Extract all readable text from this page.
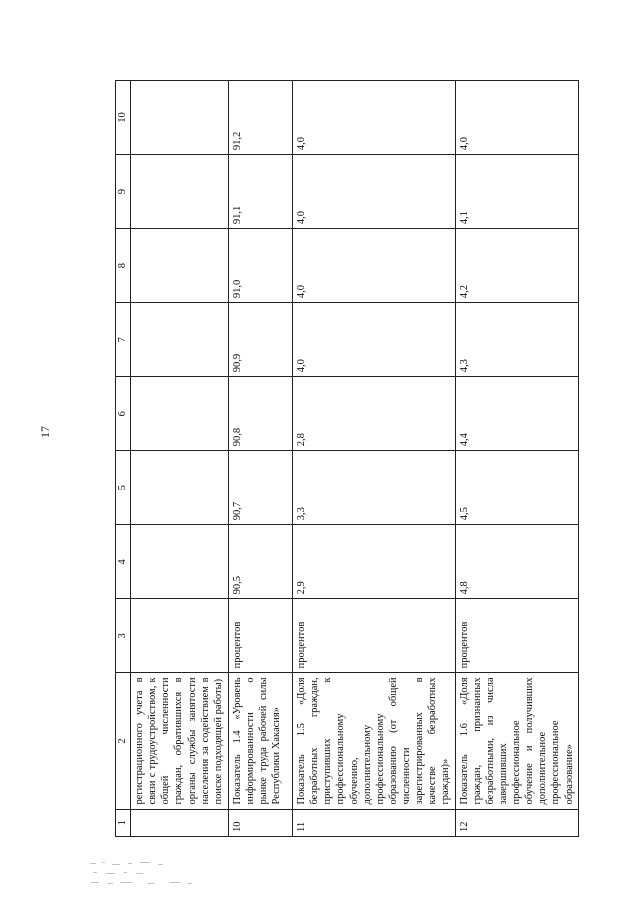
17
1	2	3	4	5	6	7	8	9	10
	регистрационного учета в связи с трудоустройством, к общей численности граждан, обратившихся в органы службы занятости населения за содействием в поиске подходящей работы)								
10	Показатель 1.4 «Уровень информированности о рынке труда рабочей силы Республики Хакасия»	процентов	90,5	90,7	90,8	90,9	91,0	91,1	91,2
11	Показатель 1.5 «Доля безработных граждан, приступивших к профессиональному обучению, дополнительному профессиональному образованию (от общей численности зарегистрированных в качестве безработных граждан)»	процентов	2,9	3,3	2,8	4,0	4,0	4,0	4,0
12	Показатель 1.6 «Доля граждан, признанных безработными, из числа завершивших профессиональное обучение и получивших дополнительное профессиональное образование»	процентов	4,8	4,5	4,4	4,3	4,2	4,1	4,0
